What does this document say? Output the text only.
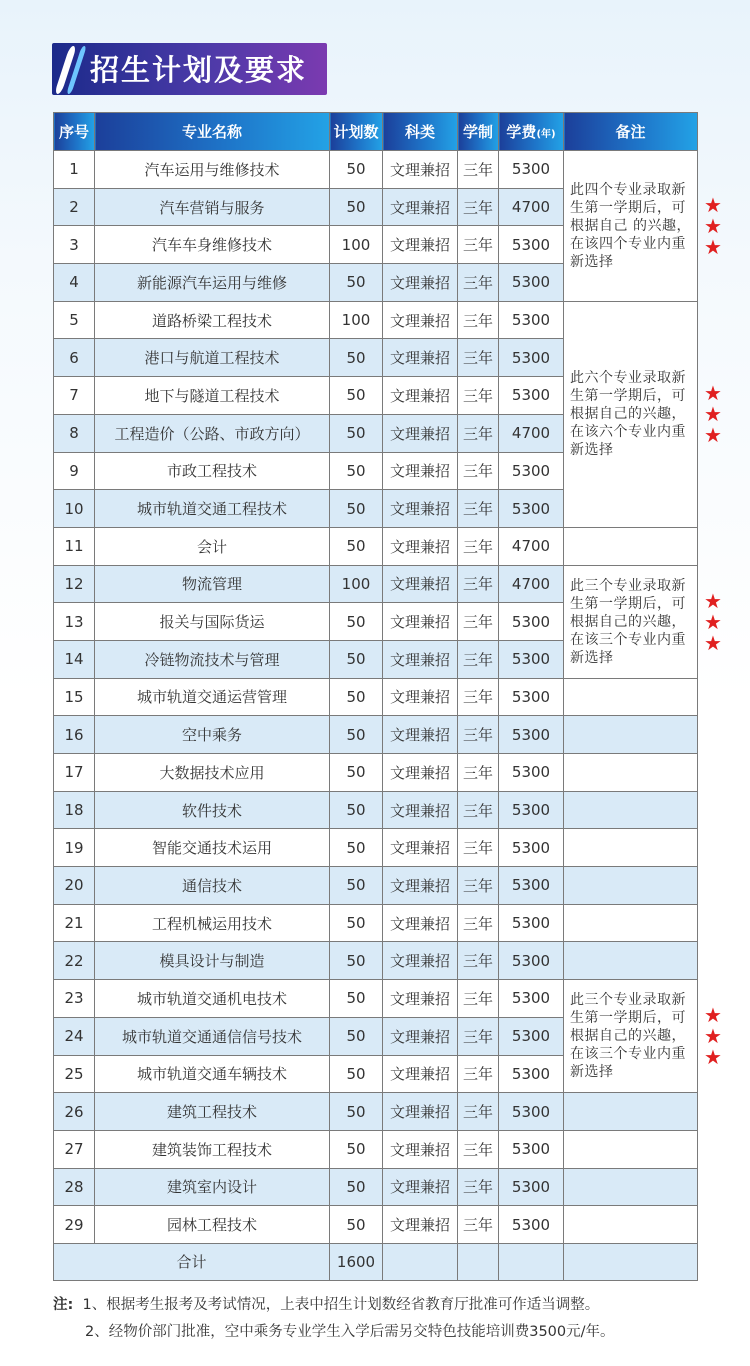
招生计划及要求
序号	专业名称	计划数	科类	学制	学费(年)	备注
1	汽车运用与维修技术	50	文理兼招	三年	5300	此四个专业录取新生第一学期后，可根据自己 的兴趣，在该四个专业内重新选择

2	汽车营销与服务	50	文理兼招	三年	4700	
3	汽车车身维修技术	100	文理兼招	三年	5300	
4	新能源汽车运用与维修	50	文理兼招	三年	5300	
5	道路桥梁工程技术	100	文理兼招	三年	5300	此六个专业录取新生第一学期后，可根据自己的兴趣，在该六个专业内重新选择

6	港口与航道工程技术	50	文理兼招	三年	5300	
7	地下与隧道工程技术	50	文理兼招	三年	5300	
8	工程造价（公路、市政方向）	50	文理兼招	三年	4700	
9	市政工程技术	50	文理兼招	三年	5300	
10	城市轨道交通工程技术	50	文理兼招	三年	5300	
11	会计	50	文理兼招	三年	4700	
12	物流管理	100	文理兼招	三年	4700	此三个专业录取新生第一学期后，可根据自己的兴趣，在该三个专业内重新选择

13	报关与国际货运	50	文理兼招	三年	5300	
14	冷链物流技术与管理	50	文理兼招	三年	5300	
15	城市轨道交通运营管理	50	文理兼招	三年	5300	
16	空中乘务	50	文理兼招	三年	5300	
17	大数据技术应用	50	文理兼招	三年	5300	
18	软件技术	50	文理兼招	三年	5300	
19	智能交通技术运用	50	文理兼招	三年	5300	
20	通信技术	50	文理兼招	三年	5300	
21	工程机械运用技术	50	文理兼招	三年	5300	
22	模具设计与制造	50	文理兼招	三年	5300	
23	城市轨道交通机电技术	50	文理兼招	三年	5300	此三个专业录取新生第一学期后，可根据自己的兴趣，在该三个专业内重新选择

24	城市轨道交通通信信号技术	50	文理兼招	三年	5300	
25	城市轨道交通车辆技术	50	文理兼招	三年	5300	
26	建筑工程技术	50	文理兼招	三年	5300	
27	建筑装饰工程技术	50	文理兼招	三年	5300	
28	建筑室内设计	50	文理兼招	三年	5300	
29	园林工程技术	50	文理兼招	三年	5300	
合计		1600				
★
★
★
★
★
★
★
★
★
★
★
★
注: 1、根据考生报考及考试情况，上表中招生计划数经省教育厅批准可作适当调整。
2、经物价部门批准，空中乘务专业学生入学后需另交特色技能培训费3500元/年。
